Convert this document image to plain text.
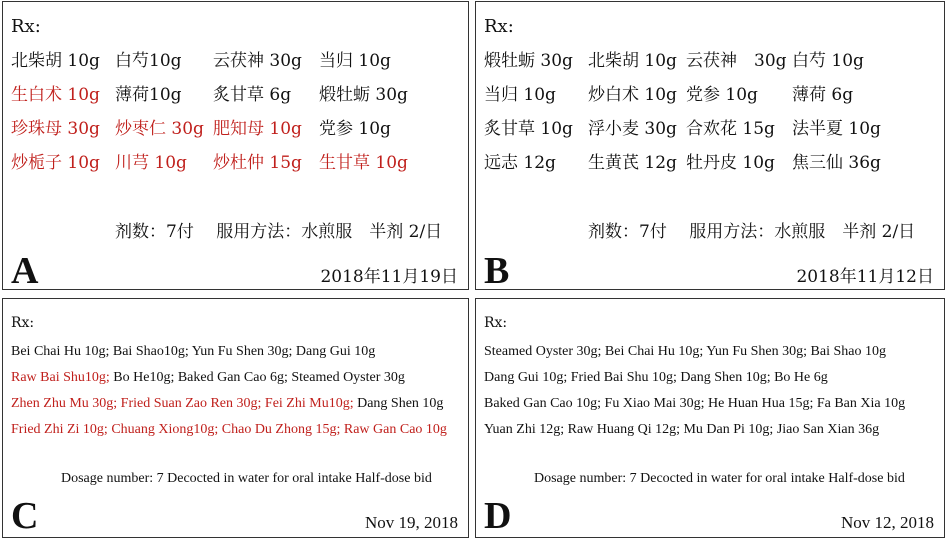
Rx:
北柴胡 10g 白芍10g 云茯神 30g 当归 10g
生白术 10g 薄荷10g 炙甘草 6g 煅牡蛎 30g
珍珠母 30g 炒枣仁 30g 肥知母 10g 党参 10g
炒栀子 10g 川芎 10g 炒杜仲 15g 生甘草 10g
剂数：7付　 服用方法：水煎服　半剂 2/日
A	2018年11月19日
Rx:
煅牡蛎 30g 北柴胡 10g 云茯神　30g 白芍 10g
当归 10g 炒白术 10g 党参 10g 薄荷 6g
炙甘草 10g 浮小麦 30g 合欢花 15g 法半夏 10g
远志 12g 生黄芪 12g 牡丹皮 10g 焦三仙 36g
剂数：7付　 服用方法：水煎服　半剂 2/日
B	2018年11月12日
Rx:
Bei Chai Hu 10g; Bai Shao10g; Yun Fu Shen 30g; Dang Gui 10g
Raw Bai Shu10g; Bo He10g; Baked Gan Cao 6g; Steamed Oyster 30g
Zhen Zhu Mu 30g; Fried Suan Zao Ren 30g; Fei Zhi Mu10g; Dang Shen 10g
Fried Zhi Zi 10g; Chuang Xiong10g; Chao Du Zhong 15g; Raw Gan Cao 10g
Dosage number: 7 Decocted in water for oral intake Half-dose bid
C	Nov 19, 2018
Rx:
Steamed Oyster 30g; Bei Chai Hu 10g; Yun Fu Shen 30g; Bai Shao 10g
Dang Gui 10g; Fried Bai Shu 10g; Dang Shen 10g; Bo He 6g
Baked Gan Cao 10g; Fu Xiao Mai 30g; He Huan Hua 15g; Fa Ban Xia 10g
Yuan Zhi 12g; Raw Huang Qi 12g; Mu Dan Pi 10g; Jiao San Xian 36g
Dosage number: 7 Decocted in water for oral intake Half-dose bid
D	Nov 12, 2018
